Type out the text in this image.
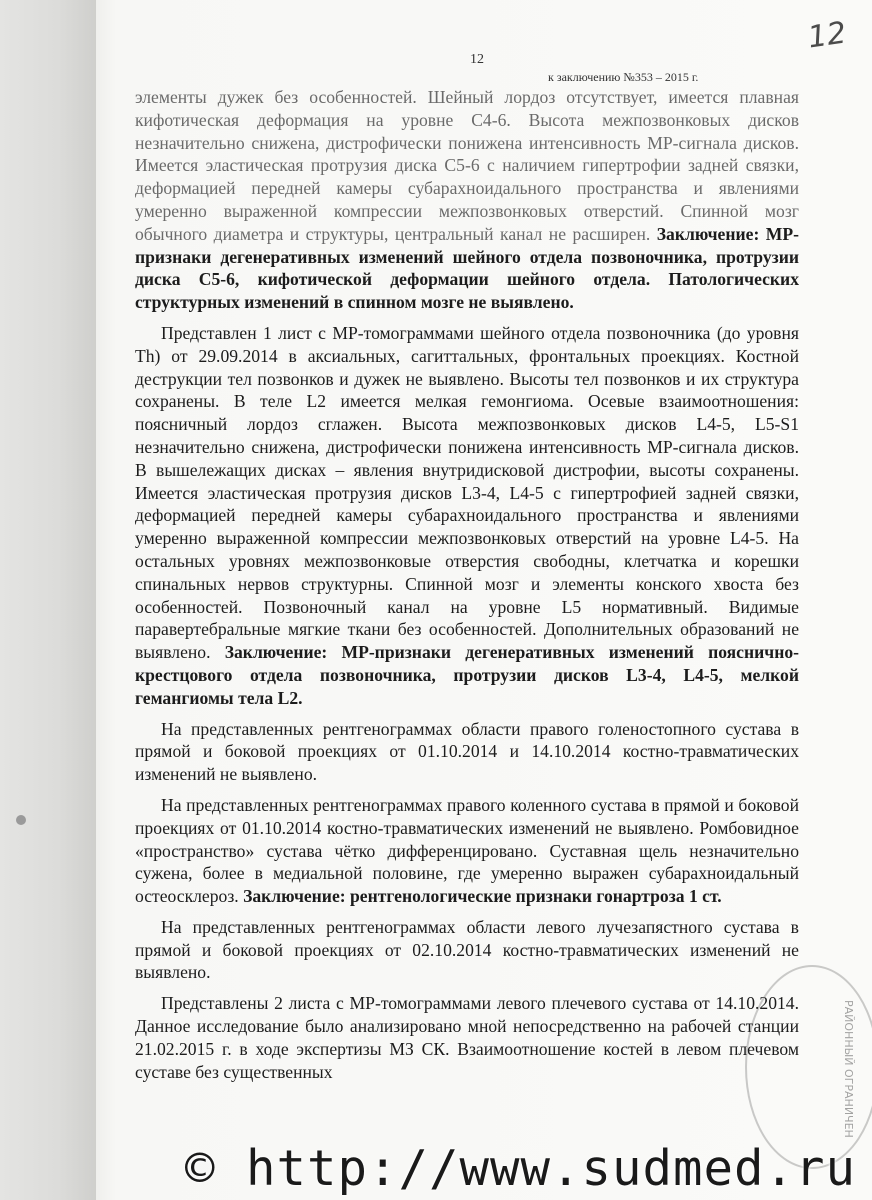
12
12
к заключению №353 – 2015 г.

элементы дужек без особенностей. Шейный лордоз отсутствует, имеется плавная кифотическая деформация на уровне С4-6. Высота межпозвонковых дисков незначительно снижена, дистрофически понижена интенсивность МР-сигнала дисков. Имеется эластическая протрузия диска С5-6 с наличием гипертрофии задней связки, деформацией передней камеры субарахноидального пространства и явлениями умеренно выраженной компрессии межпозвонковых отверстий. Спинной мозг обычного диаметра и структуры, центральный канал не расширен. Заключение: МР-признаки дегенеративных изменений шейного отдела позвоночника, протрузии диска С5-6, кифотической деформации шейного отдела. Патологических структурных изменений в спинном мозге не выявлено.

Представлен 1 лист с МР-томограммами шейного отдела позвоночника (до уровня Th) от 29.09.2014 в аксиальных, сагиттальных, фронтальных проекциях. Костной деструкции тел позвонков и дужек не выявлено. Высоты тел позвонков и их структура сохранены. В теле L2 имеется мелкая гемонгиома. Осевые взаимоотношения: поясничный лордоз сглажен. Высота межпозвонковых дисков L4-5, L5-S1 незначительно снижена, дистрофически понижена интенсивность МР-сигнала дисков. В вышележащих дисках – явления внутридисковой дистрофии, высоты сохранены. Имеется эластическая протрузия дисков L3-4, L4-5 с гипертрофией задней связки, деформацией передней камеры субарахноидального пространства и явлениями умеренно выраженной компрессии межпозвонковых отверстий на уровне L4-5. На остальных уровнях межпозвонковые отверстия свободны, клетчатка и корешки спинальных нервов структурны. Спинной мозг и элементы конского хвоста без особенностей. Позвоночный канал на уровне L5 нормативный. Видимые паравертебральные мягкие ткани без особенностей. Дополнительных образований не выявлено. Заключение: МР-признаки дегенеративных изменений пояснично-крестцового отдела позвоночника, протрузии дисков L3-4, L4-5, мелкой гемангиомы тела L2.

На представленных рентгенограммах области правого голеностопного сустава в прямой и боковой проекциях от 01.10.2014 и 14.10.2014 костно-травматических изменений не выявлено.

На представленных рентгенограммах правого коленного сустава в прямой и боковой проекциях от 01.10.2014 костно-травматических изменений не выявлено. Ромбовидное «пространство» сустава чётко дифференцировано. Суставная щель незначительно сужена, более в медиальной половине, где умеренно выражен субарахноидальный остеосклероз. Заключение: рентгенологические признаки гонартроза 1 ст.

На представленных рентгенограммах области левого лучезапястного сустава в прямой и боковой проекциях от 02.10.2014 костно-травматических изменений не выявлено.

Представлены 2 листа с МР-томограммами левого плечевого сустава от 14.10.2014. Данное исследование было анализировано мной непосредственно на рабочей станции 21.02.2015 г. в ходе экспертизы МЗ СК. Взаимоотношение костей в левом плечевом суставе без существенных	РАЙОННЫЙ ОГРАНИЧЕН
© http://www.sudmed.ru
